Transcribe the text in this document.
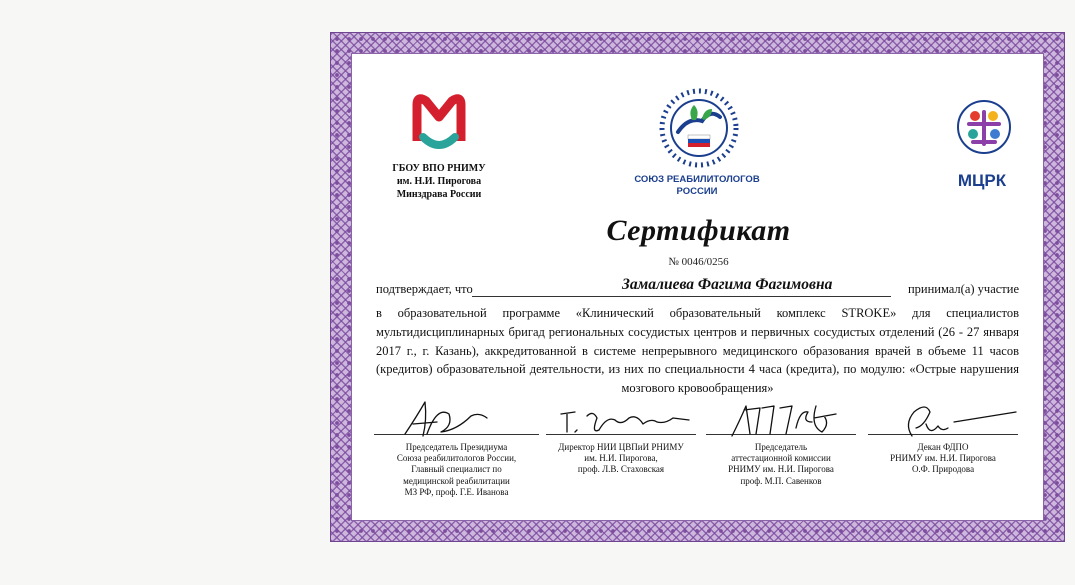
ГБОУ ВПО РНИМУ
им. Н.И. Пирогова
Минздрава России
СОЮЗ РЕАБИЛИТОЛОГОВ
РОССИИ
МЦРК
Сертификат
№ 0046/0256
подтверждает, что	Замалиева Фагима Фагимовна	принимал(а) участие
в образовательной программе «Клинический образовательный комплекс STROKE» для специалистов мультидисциплинарных бригад региональных сосудистых центров и первичных сосудистых отделений (26 - 27 января 2017 г., г. Казань), аккредитованной в системе непрерывного медицинского образования врачей в объеме 11 часов (кредитов) образовательной деятельности, из них по специальности 4 часа (кредита), по модулю: «Острые нарушения мозгового кровообращения»
Председатель Президиума
Союза реабилитологов России,
Главный специалист по
медицинской реабилитации
МЗ РФ, проф. Г.Е. Иванова
Директор НИИ ЦВПиИ РНИМУ
им. Н.И. Пирогова,
проф. Л.В. Стаховская
Председатель
аттестационной комиссии
РНИМУ им. Н.И. Пирогова
проф. М.П. Савенков
Декан ФДПО
РНИМУ им. Н.И. Пирогова
О.Ф. Природова
